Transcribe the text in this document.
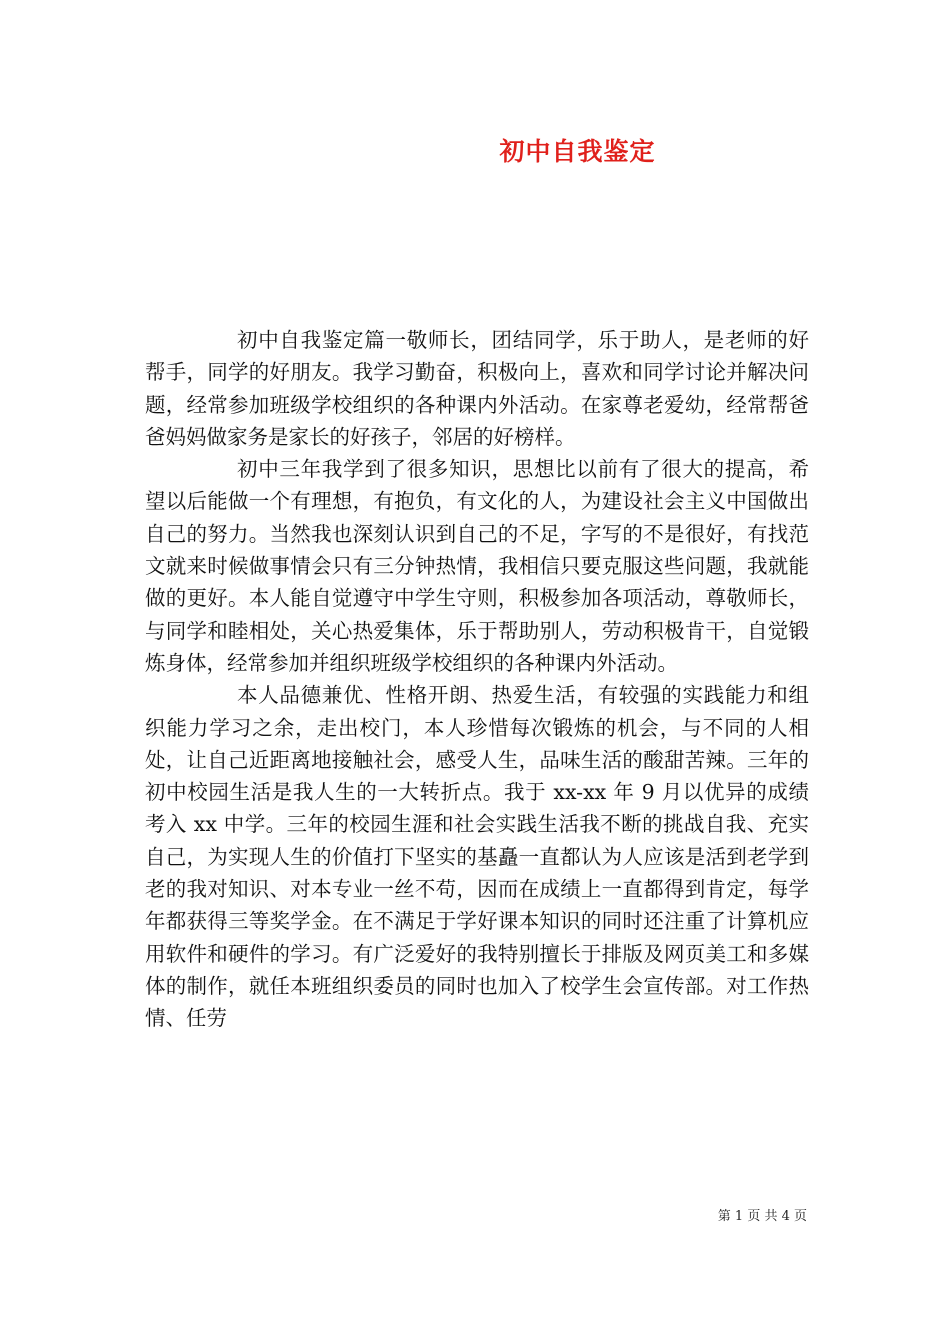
初中自我鉴定

初中自我鉴定篇一敬师长，团结同学，乐于助人，是老师的好帮手，同学的好朋友。我学习勤奋，积极向上，喜欢和同学讨论并解决问题，经常参加班级学校组织的各种课内外活动。在家尊老爱幼，经常帮爸爸妈妈做家务是家长的好孩子，邻居的好榜样。

初中三年我学到了很多知识，思想比以前有了很大的提高，希望以后能做一个有理想，有抱负，有文化的人，为建设社会主义中国做出自己的努力。当然我也深刻认识到自己的不足，字写的不是很好，有找范文就来时候做事情会只有三分钟热情，我相信只要克服这些问题，我就能做的更好。本人能自觉遵守中学生守则，积极参加各项活动，尊敬师长，与同学和睦相处，关心热爱集体，乐于帮助别人，劳动积极肯干，自觉锻炼身体，经常参加并组织班级学校组织的各种课内外活动。

本人品德兼优、性格开朗、热爱生活，有较强的实践能力和组织能力学习之余，走出校门，本人珍惜每次锻炼的机会，与不同的人相处，让自己近距离地接触社会，感受人生，品味生活的酸甜苦辣。三年的初中校园生活是我人生的一大转折点。我于 xx-xx 年 9 月以优异的成绩考入 xx 中学。三年的校园生涯和社会实践生活我不断的挑战自我、充实自己，为实现人生的价值打下坚实的基矗一直都认为人应该是活到老学到老的我对知识、对本专业一丝不苟，因而在成绩上一直都得到肯定，每学年都获得三等奖学金。在不满足于学好课本知识的同时还注重了计算机应用软件和硬件的学习。有广泛爱好的我特别擅长于排版及网页美工和多媒体的制作，就任本班组织委员的同时也加入了校学生会宣传部。对工作热情、任劳

第 1 页 共 4 页
